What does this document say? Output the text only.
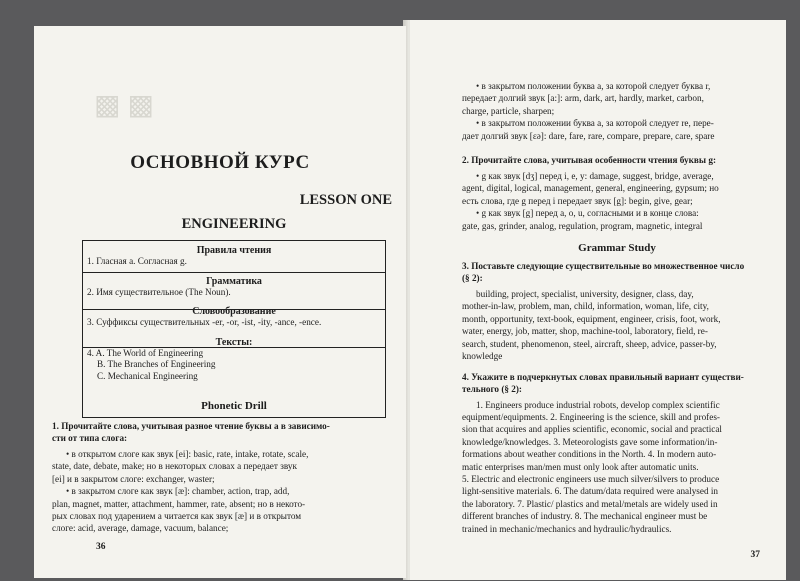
▩ ▩
ОСНОВНОЙ КУРС
LESSON ONE
ENGINEERING
Правила чтения
1. Гласная a. Согласная g.
Грамматика
2. Имя существительное (The Noun).
Словообразование
3. Суффиксы существительных -er, -or, -ist, -ity, -ance, -ence.
Тексты:
4. A. The World of Engineering
B. The Branches of Engineering
C. Mechanical Engineering
Phonetic Drill
1. Прочитайте слова, учитывая разное чтение буквы a в зависимо-
сти от типа слога:
• в открытом слоге как звук [ei]: basic, rate, intake, rotate, scale,
state, date, debate, make; но в некоторых словах a передает звук
[ei] и в закрытом слоге: exchanger, waster;
• в закрытом слоге как звук [æ]: chamber, action, trap, add,
plan, magnet, matter, attachment, hammer, rate, absent; но в некото-
рых словах под ударением a читается как звук [æ] и в открытом
слоге: acid, average, damage, vacuum, balance;
36
• в закрытом положении буква a, за которой следует буква r,
передает долгий звук [a:]: arm, dark, art, hardly, market, carbon,
charge, particle, sharpen;
• в закрытом положении буква a, за которой следует re, пере-
дает долгий звук [εə]: dare, fare, rare, compare, prepare, care, spare
2. Прочитайте слова, учитывая особенности чтения буквы g:
• g как звук [dʒ] перед i, e, y: damage, suggest, bridge, average,
agent, digital, logical, management, general, engineering, gypsum; но
есть слова, где g перед i передает звук [g]: begin, give, gear;
• g как звук [g] перед a, o, u, согласными и в конце слова:
gate, gas, grinder, analog, regulation, program, magnetic, integral
Grammar Study
3. Поставьте следующие существительные во множественное число
(§ 2):
building, project, specialist, university, designer, class, day,
mother-in-law, problem, man, child, information, woman, life, city,
month, opportunity, text-book, equipment, engineer, crisis, foot, work,
water, energy, job, matter, shop, machine-tool, laboratory, field, re-
search, student, phenomenon, steel, aircraft, sheep, advice, passer-by,
knowledge
4. Укажите в подчеркнутых словах правильный вариант существи-
тельного (§ 2):
1. Engineers produce industrial robots, develop complex scientific
equipment/equipments. 2. Engineering is the science, skill and profes-
sion that acquires and applies scientific, economic, social and practical
knowledge/knowledges. 3. Meteorologists gave some information/in-
formations about weather conditions in the North. 4. In modern auto-
matic enterprises man/men must only look after automatic units.
5. Electric and electronic engineers use much silver/silvers to produce
light-sensitive materials. 6. The datum/data required were analysed in
the laboratory. 7. Plastic/ plastics and metal/metals are widely used in
different branches of industry. 8. The mechanical engineer must be
trained in mechanic/mechanics and hydraulic/hydraulics.
37
